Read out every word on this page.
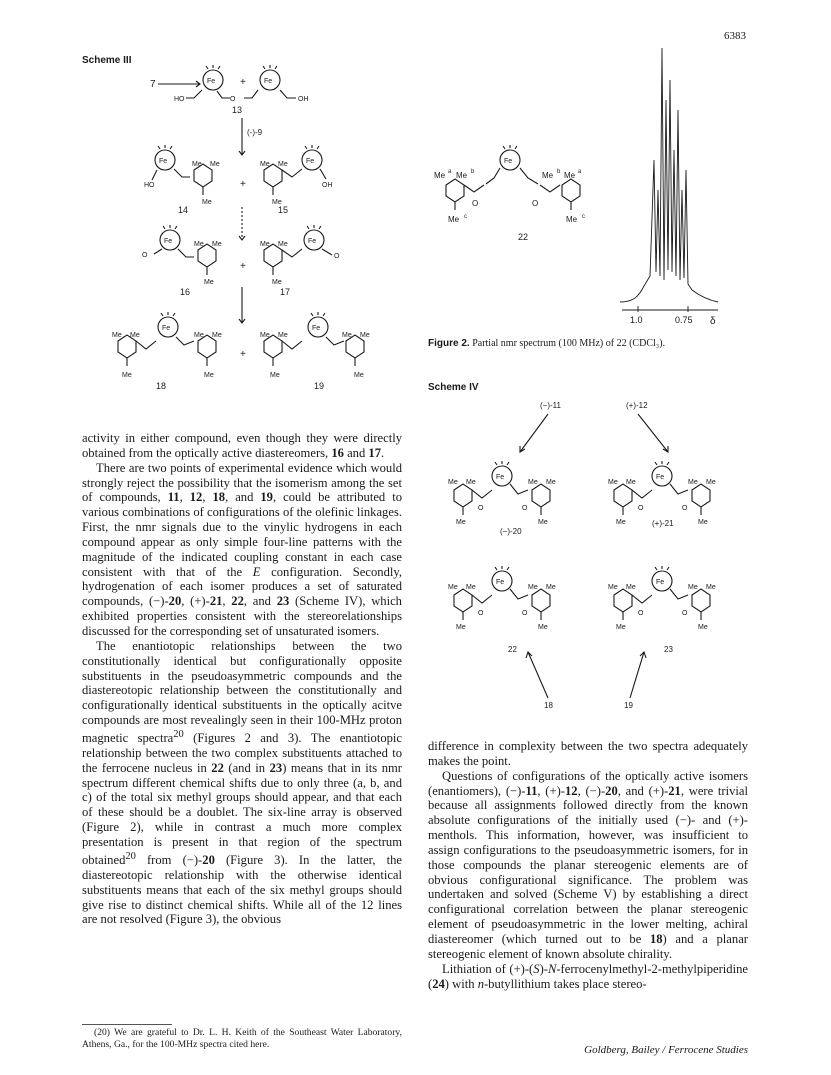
6383
Scheme III
7	Fe
HO	O
+	Fe
OH
13
(-)-9
Fe
HO
Me Me
Me
14
+
Me Me
Me
Fe
OH
15
Fe
O
Me Me
Me
16
+
Me Me
Me
Fe
O
17
Me Me
Me
Fe
Me Me
Me
18
+
Me Me
Me
Fe
Me Me
Me
19
Me a Me b
Me c
O
Fe
O
Me b Me a
Me c
22
1.0	0.75 δ
Figure 2. Partial nmr spectrum (100 MHz) of 22 (CDCl₃).
Scheme IV
Me
O	O
Me
(−)-11	(+)-12
(−)-20
(+)-21
22	23
18	19

activity in either compound, even though they were directly obtained from the optically active diastereomers, 16 and 17.

There are two points of experimental evidence which would strongly reject the possibility that the isomerism among the set of compounds, 11, 12, 18, and 19, could be attributed to various combinations of configurations of the olefinic linkages. First, the nmr signals due to the vinylic hydrogens in each compound appear as only simple four-line patterns with the magnitude of the indicated coupling constant in each case consistent with that of the E configuration. Secondly, hydrogenation of each isomer produces a set of saturated compounds, (−)-20, (+)-21, 22, and 23 (Scheme IV), which exhibited properties consistent with the stereorelationships discussed for the corresponding set of unsaturated isomers.

The enantiotopic relationships between the two constitutionally identical but configurationally opposite substituents in the pseudoasymmetric compounds and the diastereotopic relationship between the constitutionally and configurationally identical substituents in the optically acitve compounds are most revealingly seen in their 100-MHz proton magnetic spectra$^{20}$ (Figures 2 and 3). The enantiotopic relationship between the two complex substituents attached to the ferrocene nucleus in 22 (and in 23) means that in its nmr spectrum different chemical shifts due to only three (a, b, and c) of the total six methyl groups should appear, and that each of these should be a doublet. The six-line array is observed (Figure 2), while in contrast a much more complex presentation is present in that region of the spectrum obtained$^{20}$ from (−)-20 (Figure 3). In the latter, the diastereotopic relationship with the otherwise identical substituents means that each of the six methyl groups should give rise to distinct chemical shifts. While all of the 12 lines are not resolved (Figure 3), the obvious

(20) We are grateful to Dr. L. H. Keith of the Southeast Water Laboratory, Athens, Ga., for the 100-MHz spectra cited here.

difference in complexity between the two spectra adequately makes the point.

Questions of configurations of the optically active isomers (enantiomers), (−)-11, (+)-12, (−)-20, and (+)-21, were trivial because all assignments followed directly from the known absolute configurations of the initially used (−)- and (+)-menthols. This information, however, was insufficient to assign configurations to the pseudoasymmetric isomers, for in those compounds the planar stereogenic elements are of obvious configurational significance. The problem was undertaken and solved (Scheme V) by establishing a direct configurational correlation between the planar stereogenic element of pseudoasymmetric in the lower melting, achiral diastereomer (which turned out to be 18) and a planar stereogenic element of known absolute chirality.

Lithiation of (+)-(S)-N-ferrocenylmethyl-2-methylpiperidine (24) with n-butyllithium takes place stereo-

Goldberg, Bailey / Ferrocene Studies
